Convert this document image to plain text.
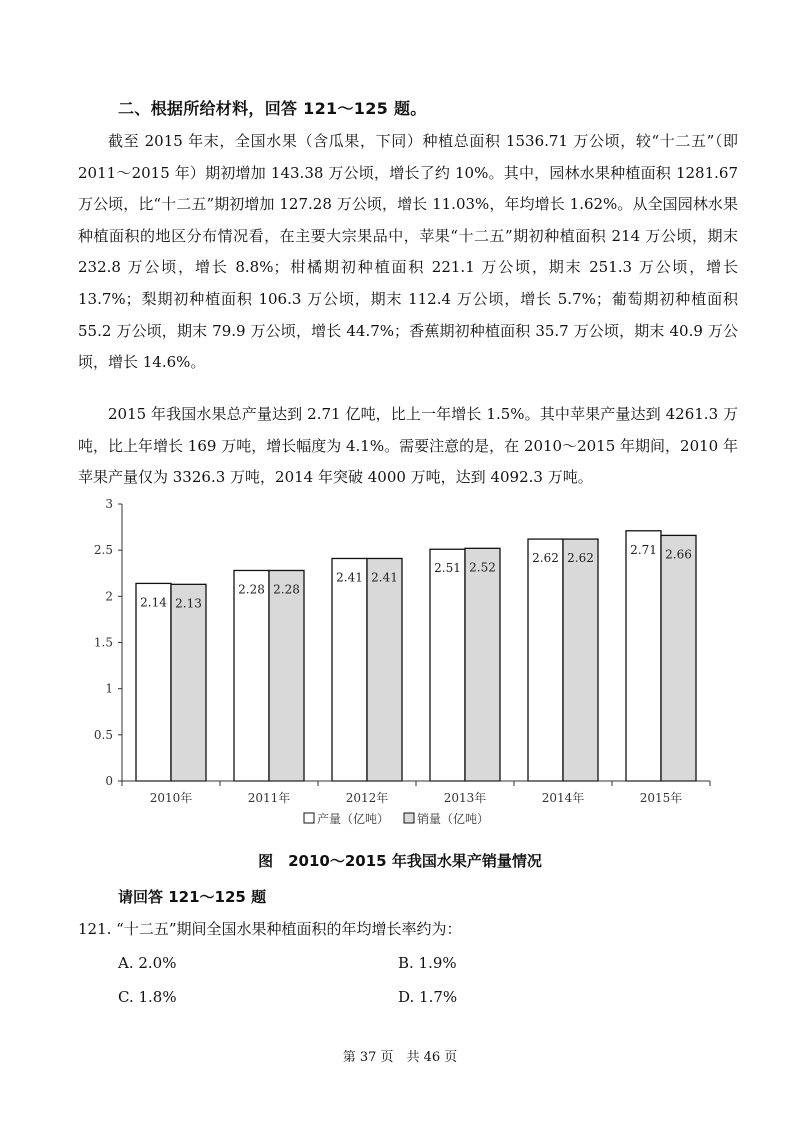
二、根据所给材料，回答 121～125 题。

截至 2015 年末，全国水果（含瓜果，下同）种植总面积 1536.71 万公顷，较“十二五”（即 2011～2015 年）期初增加 143.38 万公顷，增长了约 10%。其中，园林水果种植面积 1281.67 万公顷，比“十二五”期初增加 127.28 万公顷，增长 11.03%，年均增长 1.62%。从全国园林水果种植面积的地区分布情况看，在主要大宗果品中，苹果“十二五”期初种植面积 214 万公顷，期末 232.8 万公顷，增长 8.8%；柑橘期初种植面积 221.1 万公顷，期末 251.3 万公顷，增长 13.7%；梨期初种植面积 106.3 万公顷，期末 112.4 万公顷，增长 5.7%；葡萄期初种植面积 55.2 万公顷，期末 79.9 万公顷，增长 44.7%；香蕉期初种植面积 35.7 万公顷，期末 40.9 万公顷，增长 14.6%。

2015 年我国水果总产量达到 2.71 亿吨，比上一年增长 1.5%。其中苹果产量达到 4261.3 万吨，比上年增长 169 万吨，增长幅度为 4.1%。需要注意的是，在 2010～2015 年期间，2010 年苹果产量仅为 3326.3 万吨，2014 年突破 4000 万吨，达到 4092.3 万吨。

0
0.5
1
1.5
2
2.5
3
2.14 2.13
2.28 2.28
2.41 2.41
2.51 2.52
2.62 2.62
2.71 2.66
2010年	2011年	2012年	2013年	2014年	2015年
产量（亿吨） 销量（亿吨）
图　2010～2015 年我国水果产销量情况
请回答 121～125 题
121. “十二五”期间全国水果种植面积的年均增长率约为：
A. 2.0%	B. 1.9%
C. 1.8%	D. 1.7%
第 37 页　共 46 页
